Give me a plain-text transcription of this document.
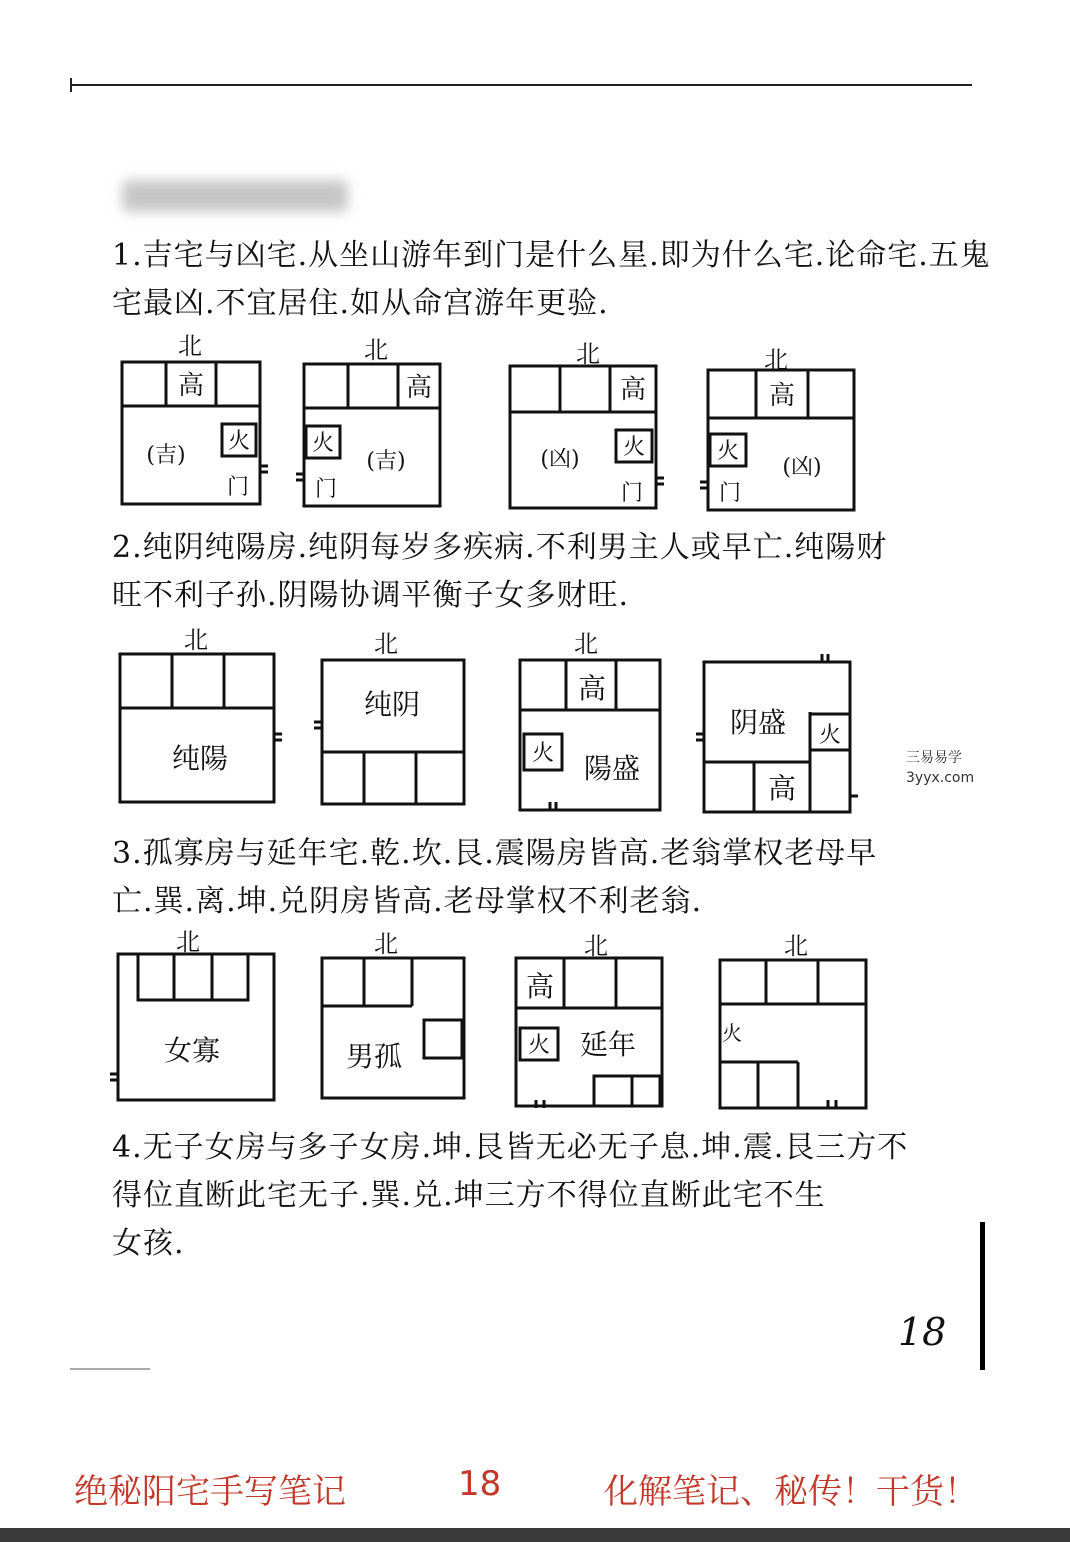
1.吉宅与凶宅.从坐山游年到门是什么星.即为什么宅.论命宅.五鬼

宅最凶.不宜居住.如从命宫游年更验.

北	北	北	北
高
火
(吉)
门
高
火
(吉)
门
高
火
(凶)
门
高
火
(凶)
门

2.纯阴纯陽房.纯阴每岁多疾病.不利男主人或早亡.纯陽财

旺不利子孙.阴陽协调平衡子女多财旺.

北	北	北
纯陽
纯阴	高
火 陽盛
阴盛 火
高
三易易学
3yyx.com

3.孤寡房与延年宅.乾.坎.艮.震陽房皆高.老翁掌权老母早

亡.巽.离.坤.兑阴房皆高.老母掌权不利老翁.

北	北	北	北
女寡	男孤
高
火 延年	火

4.无子女房与多子女房.坤.艮皆无必无子息.坤.震.艮三方不

得位直断此宅无子.巽.兑.坤三方不得位直断此宅不生

女孩.

18
绝秘阳宅手写笔记	18	化解笔记、秘传！干货！
